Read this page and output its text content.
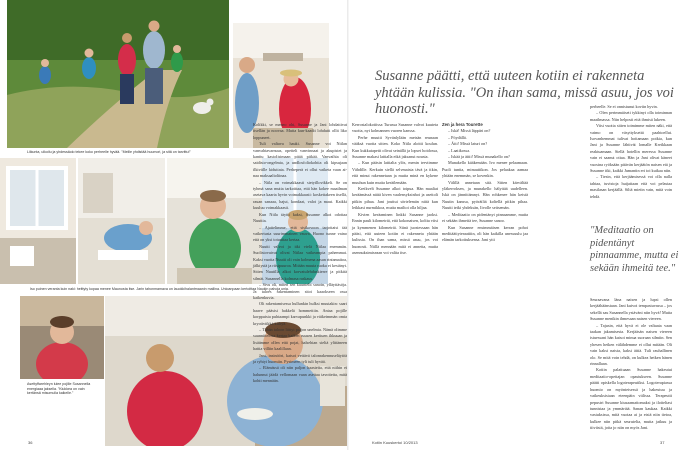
Liikunta, ulkoilu ja yhdessäolo tekee koko perheelle hyvää. "Meille yhdistää huumori, ja sitä on tarvittu!"
Iso puinen veranta kuin naki: heittyty kopaa menee Maunosta itse. Jarin tahonmamava on lauokkihalantmaanin mallina. Unioanpaan kertoittaa Naukin pahoja unia.
Asettyffarehleyn lulee pojille Susannella energiaaa jaksella. "Kiukkea on vain kertänsä misumulla kaikelle."
36	Kotiin Kuuskertoi 10/2013	37
Susanne päätti, että uuteen kotiin ei rakenneta yhtään kulissia. "On ihan sama, missä asuu, jos voi huonosti."

Kolikki, se meneo ohi, Susanne ja Jani lohdattivat itsellän ja noovaa. Mutta kun-kaadit lohdutti ollit liko loppuneet.

Tuli valtava hauki. Susanne voi Niilan vanvahtavarnuus, opetteli vanvinnaat ja akupistet ja kanttu kastolisimaan pitää pitkää. Vanvaihia oli saidisto-ongelmia, ja undlosfoliokohtia oli kipsujaan ilkiviille kiduttata. Perheperä ei ollut vaiketa vaan ai-naa maksaaltoliinaa.

– Niila on voimakkaasti sietyillovikkeli. Se on tyhmä sana mutta tarkoittaa, että hän kokee maailman asetava kaarta hyvin voimakkaasti: koskettakeen itsellä, rauan sanaaa, hajut, kondaat, valot ja maut. Kaikki kuuluu voimakkaasti.

Kun Niila täytti kaksi, Susanne alkoi odottaa Nuuttia.

– Ajattelimme, että sisikovoon tarjottaisi tää vaikertusta suurimmainen vauva. Huono tunne vaino että on yksi totuuttaa kertaa.

Nuutti valvoi ja itki vielä Niilaa enemmän. Suolistovaivat olivat Niilaa vaikeampia pahemmat. Kaksi vuotta Nuutti oli vain kolmena aasan rintamaitoa, jälkiystä ja riisipuuroa. Mitään muuta ruoka ei kestänyt. Sitten Nuutilla alkoi korvatulehduskierre ja pitkitä silmät. Susannella kolmasa raskaus.

– Sivu oli, miten sen kuuntelit sanoin, ylläyttäsöja. Ja taloes rakentaminen sitoi kaaokseen ossa kaikenkuvia.

Oli rakentamisessa hullunkin hulksi muutakin: saari haave pääsisi hakkelä hommettiin. Antaa pojille korppuista puhtaampi karvapunkki ja väikeimmän omia kryotiviikkä kiiltyä.

– Tähän taloon liittyi paljon unelmia. Nämä olimme suunnittelosa kertaa kaiken ruusen kerttuen ihkuuan ja lisäämme ollen että pojat, halsehian sieltä ylittäneen hattia villiin kaalillaan.

Jani, insinööri, katsoi vettävä talonrakennuseläytöä ja ryhtyi huomiin. Pysimeen tyli tuli hyvää.

– Elämässä oli niin paljon haasteita, että niihin ei halunnut jäädä vellomaan vaan asettaa tavoiteita, mitä kohti mennään.

Kerrostalokotiissa Turussa Susanne valvoi kuuteta vuotta, nyt kolmannen vuoren kanssa.

Perhe muutti Syvänlylään metsän reunaan vääksä vuotta sitten. Koko Niila aloitti koulun. Kun kukkutapetit olivat seinällä ja lopset hoidossa, Susanne makasi lattialla eikä jaksanut nousta.

– Kun pääsin lattialta ylös, menin tervtimme Vähdille. Kerkuin siellä selvmaista tävä ja itkin, että minut rakennetaan ja mutta minä en kykene muuhun kuin mutta keräilemään.

Kreikvelt Susanne alkoi toipua. Hän maaliat keräämässä näitä kiven vaalensyksinhoi ja asettoli pitkin pihaa. Jani jouttui sörtelemän niitä kun leikkasi nurmikkoa, mutta mailtoi olla hiljaa.

Kivien keräaminen linkki Susanne jaoksi. Ennin pauli kilometriä, että kokonaisen, koltta viisi ja kymmenen kilometriä. Siinä juostessaan hän pääsi, että uuteen kotiin ei rakenneta yhtään kulissia. On ihan sama, missä asuu, jos voi huonosti. Niillä mennään mitä ei annetta, mutta asennuksimiseaan voi valita itse.

Zen ja hera Tourette

– Iskä! Missä läppäri on?

– Pöydällä.

– Äiti! Missä laturi on?

– Laatikossa.

– Iskää ja äitii! Missä munakello on?

Munakello kääkemään. Ivo menee pelaamaan. Puoli tuntia, minuuttikon. Jos pelaakaa aamaa yhtään enemmän, se kovenkin.

Välillä annetaan sitä. Sitten kärvältää yläkerroksen, ja munakello hälyttää uudelleen. Iskä on jännittämnyt. Hän rohkenee hän keistä Nuutin kanssa, pyöräiliä koltellä pitkin pihaa. Nuutti teiki yhdeksän, Iivolle seitsemän.

– Meditaatio on pidentänyt pinnaamme, mutta ei sekään ihmeitä tee, Susanne sanoo.

Kun Susanne ensimmäisen kerran pohoi meditäätiyteraatiiin, oli hän kaikilla unessuulu jaa elämän tarkoituksensa. Jani ytti

perheelle. Se ei onnistunut koviin hyvin.

– Olen perimmäiseti tykkinyt olla toiminnan maailmassa. Niin helposti että ihmisä lukeen.

Viisi vuotta sitten toimimme miten näki, että vaimo on väsyttyksettä paahtoellut. Isovanhemmat tulivat hoitamaan poikia, kun Jani ja Susanne lähtivät lomalle Kreikkaan reaktuamaan. Siellä hotellin meressa Susanne vain ei saanut ottaa. Hän ja Jani olivat käneet vuosina ryöksään pitävän kerjäätön naisen eiä ja Susanne itki, kaikki Jumantin eri toi kuikaa niin.

– Tiesin, että kerjäämisessä voi olla nalla tahtaa, tuvistoja huijattaan että voi pelastaa masilasan kerjäällä. Siltä mietin vain, mitä voin tehdä.

"Meditaatio on pidentänyt pinnaamme, mutta ei sekään ihmeitä tee."

Seuraavana läna naisen ja lupsi ollen kerjäähäänstaan. Jani kuivoi tempastuvassa – jos sekellä sau Susannella ystäväni niin hyvä! Mutta Susanne menikin ihmesaan naisen viereen.

– Tajusin, että hyvä ei ole valtaata vaan taakan jakamisesta. Kerjääsän naisen viereen istuessani hän katsoi minua suoraan silmiin. Sen yhesen hetken välähdemme ei ollut mitään. Oli vain kaksi naista, kaksi äitiä. Tuli rauhallinen olo. Se mitä voin tehdä, on kulkea hetken hänen rinnallaan.

Kotiin palattuaan Susanne hakeutui meditaatio-opettajan opastukseen. Susanne päätti opiskella logoterapeutiksi. Logoterapiassa huomio on myönteisessä ja hakeutuu ja vaikeuksistaan eteenpäin viilissa. Terapeutti pepustri Susanne kiusaamattomaksi ja iloiteltasi tunnistaa ja ymmärtää. Sanan kaukaa. Kaikki vastuksissa, mitä vuotaa ai ja etsiä niin tietoa, kulkee niin pitkä seurutelia, mutta jatkuu ja tiiviistä, joita jo niin on myös Jani.
